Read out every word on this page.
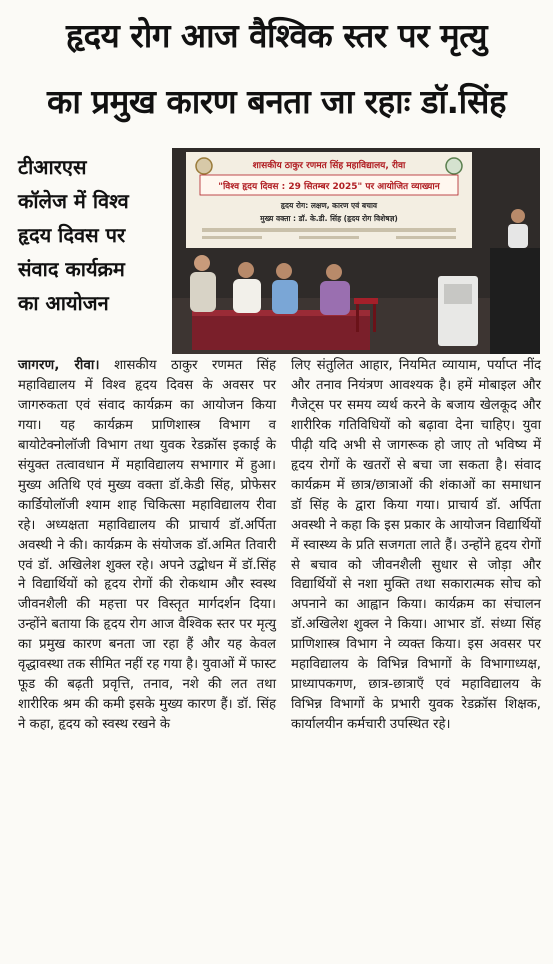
हृदय रोग आज वैश्विक स्तर पर मृत्यु
का प्रमुख कारण बनता जा रहाः डॉ.सिंह
टीआरएस
कॉलेज में विश्व
हृदय दिवस पर
संवाद कार्यक्रम
का आयोजन
शासकीय ठाकुर रणमत सिंह महाविद्यालय, रीवा
"विश्व हृदय दिवस : 29 सितम्बर 2025" पर आयोजित व्याख्यान
हृदय रोग: लक्षण, कारण एवं बचाव
मुख्य वक्ता : डॉ. के.डी. सिंह (हृदय रोग विशेषज्ञ)

जागरण, रीवा। शासकीय ठाकुर रणमत सिंह महाविद्यालय में विश्व हृदय दिवस के अवसर पर जागरुकता एवं संवाद कार्यक्रम का आयोजन किया गया। यह कार्यक्रम प्राणिशास्त्र विभाग व बायोटेक्नोलॉजी विभाग तथा युवक रेडक्रॉस इकाई के संयुक्त तत्वावधान में महाविद्यालय सभागार में हुआ। मुख्य अतिथि एवं मुख्य वक्ता डॉ.केडी सिंह, प्रोफेसर कार्डियोलॉजी श्याम शाह चिकित्सा महाविद्यालय रीवा रहे। अध्यक्षता महाविद्यालय की प्राचार्य डॉ.अर्पिता अवस्थी ने की। कार्यक्रम के संयोजक डॉ.अमित तिवारी एवं डॉ. अखिलेश शुक्ल रहे। अपने उद्बोधन में डॉ.सिंह ने विद्यार्थियों को हृदय रोगों की रोकथाम और स्वस्थ जीवनशैली की महत्ता पर विस्तृत मार्गदर्शन दिया। उन्होंने बताया कि हृदय रोग आज वैश्विक स्तर पर मृत्यु का प्रमुख कारण बनता जा रहा हैं और यह केवल वृद्धावस्था तक सीमित नहीं रह गया है। युवाओं में फास्ट फूड की बढ़ती प्रवृत्ति, तनाव, नशे की लत तथा शारीरिक श्रम की कमी इसके मुख्य कारण हैं। डॉ. सिंह ने कहा, हृदय को स्वस्थ रखने के

लिए संतुलित आहार, नियमित व्यायाम, पर्याप्त नींद और तनाव नियंत्रण आवश्यक है। हमें मोबाइल और गैजेट्स पर समय व्यर्थ करने के बजाय खेलकूद और शारीरिक गतिविधियों को बढ़ावा देना चाहिए। युवा पीढ़ी यदि अभी से जागरूक हो जाए तो भविष्य में हृदय रोगों के खतरों से बचा जा सकता है। संवाद कार्यक्रम में छात्र/छात्राओं की शंकाओं का समाधान डॉ सिंह के द्वारा किया गया। प्राचार्य डॉ. अर्पिता अवस्थी ने कहा कि इस प्रकार के आयोजन विद्यार्थियों में स्वास्थ्य के प्रति सजगता लाते हैं। उन्होंने हृदय रोगों से बचाव को जीवनशैली सुधार से जोड़ा और विद्यार्थियों से नशा मुक्ति तथा सकारात्मक सोच को अपनाने का आह्वान किया। कार्यक्रम का संचालन डॉ.अखिलेश शुक्ल ने किया। आभार डॉ. संध्या सिंह प्राणिशास्त्र विभाग ने व्यक्त किया। इस अवसर पर महाविद्यालय के विभिन्न विभागों के विभागाध्यक्ष, प्राध्यापकगण, छात्र-छात्राएँ एवं महाविद्यालय के विभिन्न विभागों के प्रभारी युवक रेडक्रॉस शिक्षक, कार्यालयीन कर्मचारी उपस्थित रहे।
